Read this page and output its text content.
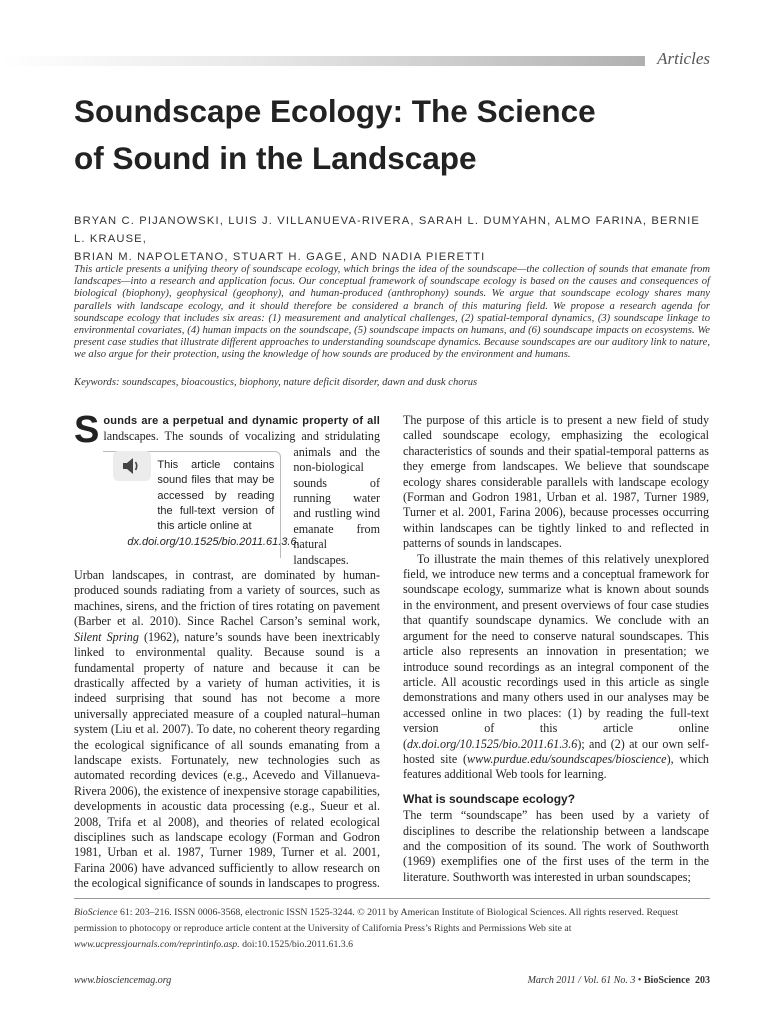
Articles
Soundscape Ecology: The Science
of Sound in the Landscape

BRYAN C. PIJANOWSKI, LUIS J. VILLANUEVA-RIVERA, SARAH L. DUMYAHN, ALMO FARINA, BERNIE L. KRAUSE,
BRIAN M. NAPOLETANO, STUART H. GAGE, AND NADIA PIERETTI

This article presents a unifying theory of soundscape ecology, which brings the idea of the soundscape—the collection of sounds that emanate from landscapes—into a research and application focus. Our conceptual framework of soundscape ecology is based on the causes and consequences of biological (biophony), geophysical (geophony), and human-produced (anthrophony) sounds. We argue that soundscape ecology shares many parallels with landscape ecology, and it should therefore be considered a branch of this maturing field. We propose a research agenda for soundscape ecology that includes six areas: (1) measurement and analytical challenges, (2) spatial-temporal dynamics, (3) soundscape linkage to environmental covariates, (4) human impacts on the soundscape, (5) soundscape impacts on humans, and (6) soundscape impacts on ecosystems. We present case studies that illustrate different approaches to understanding soundscape dynamics. Because soundscapes are our auditory link to nature, we also argue for their protection, using the knowledge of how sounds are produced by the environment and humans.

Keywords: soundscapes, bioacoustics, biophony, nature deficit disorder, dawn and dusk chorus

S ounds are a perpetual and dynamic property of all landscapes. The sounds of vocalizing and stridulating
This article contains sound files that may be accessed by reading the full-text version of this article online at dx.doi.org/10.1525/bio.2011.61.3.6.
animals and the non-biological sounds of running water and rustling wind emanate from natural landscapes. Urban landscapes, in contrast, are dominated by human-produced sounds radiating from a variety of sources, such as machines, sirens, and the friction of tires rotating on pavement (Barber et al. 2010). Since Rachel Carson’s seminal work, Silent Spring (1962), nature’s sounds have been inextricably linked to environmental quality. Because sound is a fundamental property of nature and because it can be drastically affected by a variety of human activities, it is indeed surprising that sound has not become a more universally appreciated measure of a coupled natural–human system (Liu et al. 2007). To date, no coherent theory regarding the ecological significance of all sounds emanating from a landscape exists. Fortunately, new technologies such as automated recording devices (e.g., Acevedo and Villanueva-Rivera 2006), the existence of inexpensive storage capabilities, developments in acoustic data processing (e.g., Sueur et al. 2008, Trifa et al 2008), and theories of related ecological disciplines such as landscape ecology (Forman and Godron 1981, Urban et al. 1987, Turner 1989, Turner et al. 2001, Farina 2006) have advanced sufficiently to allow research on the ecological significance of sounds in landscapes to progress.

The purpose of this article is to present a new field of study called soundscape ecology, emphasizing the ecological characteristics of sounds and their spatial-temporal patterns as they emerge from landscapes. We believe that soundscape ecology shares considerable parallels with landscape ecology (Forman and Godron 1981, Urban et al. 1987, Turner 1989, Turner et al. 2001, Farina 2006), because processes occurring within landscapes can be tightly linked to and reflected in patterns of sounds in landscapes.

To illustrate the main themes of this relatively unexplored field, we introduce new terms and a conceptual framework for soundscape ecology, summarize what is known about sounds in the environment, and present overviews of four case studies that quantify soundscape dynamics. We conclude with an argument for the need to conserve natural soundscapes. This article also represents an innovation in presentation; we introduce sound recordings as an integral component of the article. All acoustic recordings used in this article as single demonstrations and many others used in our analyses may be accessed online in two places: (1) by reading the full-text version of this article online (dx.doi.org/10.1525/bio.2011.61.3.6); and (2) at our own self-hosted site (www.purdue.edu/soundscapes/bioscience), which features additional Web tools for learning.

What is soundscape ecology?

The term “soundscape” has been used by a variety of disciplines to describe the relationship between a landscape and the composition of its sound. The work of Southworth (1969) exemplifies one of the first uses of the term in the literature. Southworth was interested in urban soundscapes;

BioScience 61: 203–216. ISSN 0006-3568, electronic ISSN 1525-3244. © 2011 by American Institute of Biological Sciences. All rights reserved. Request permission to photocopy or reproduce article content at the University of California Press’s Rights and Permissions Web site at www.ucpressjournals.com/reprintinfo.asp. doi:10.1525/bio.2011.61.3.6

www.biosciencemag.org	March 2011 / Vol. 61 No. 3 • BioScience 203
